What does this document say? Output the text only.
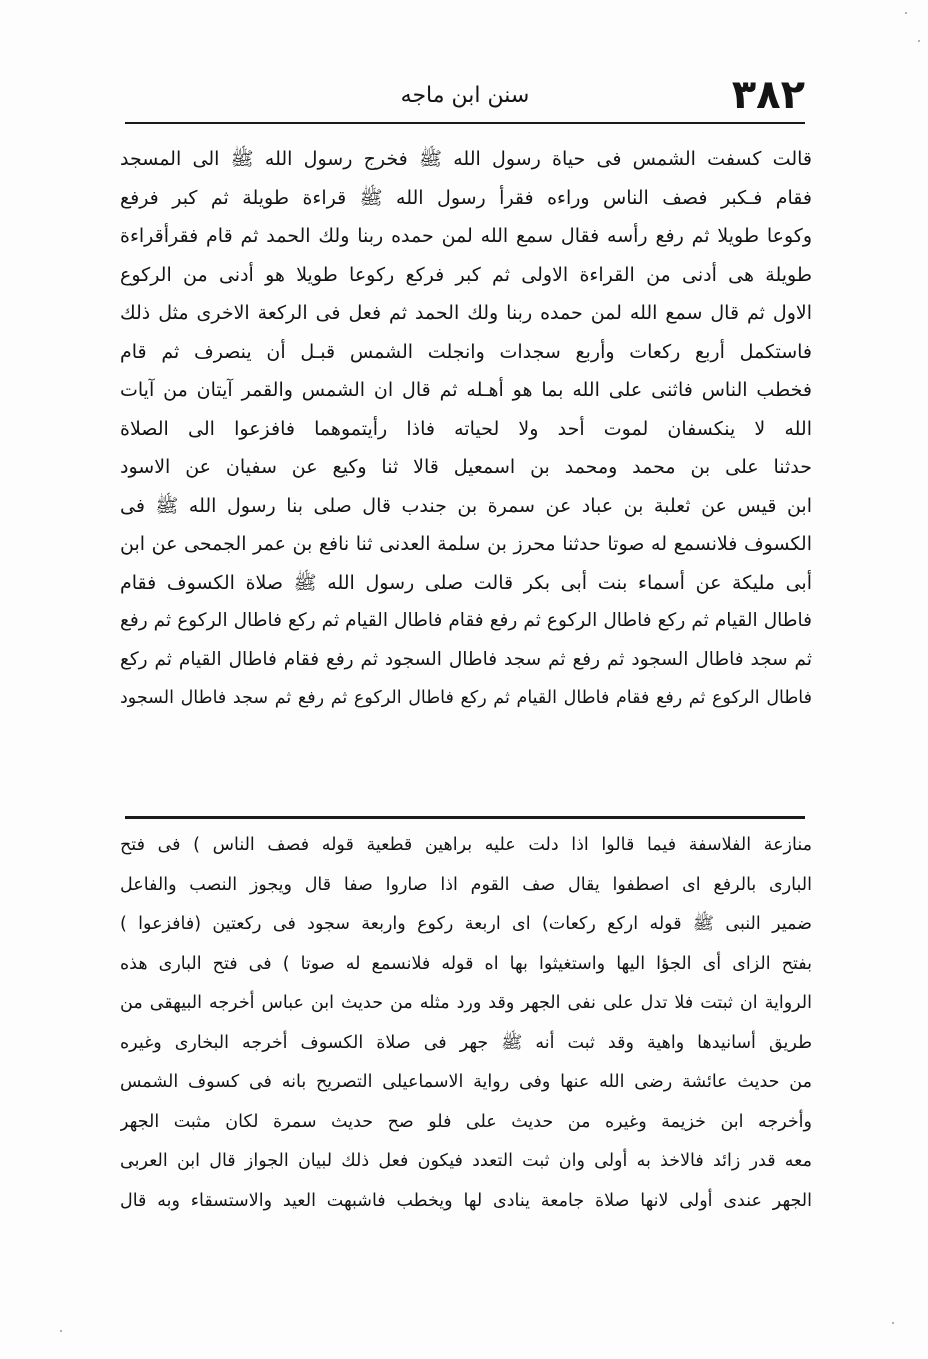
٣٨٢
سنن ابن ماجه
قالت كسفت الشمس فى حياة رسول الله ﷺ فخرج رسول الله ﷺ الى المسجد
فقام فـكبر فصف الناس وراءه فقرأ رسول الله ﷺ قراءة طويلة ثم كبر فرفع
وكوعا طويلا ثم رفع رأسه فقال سمع الله لمن حمده ربنا ولك الحمد ثم قام فقرأقراءة
طويلة هى أدنى من القراءة الاولى ثم كبر فركع ركوعا طويلا هو أدنى من الركوع
الاول ثم قال سمع الله لمن حمده ربنا ولك الحمد ثم فعل فى الركعة الاخرى مثل ذلك
فاستكمل أربع ركعات وأربع سجدات وانجلت الشمس قبـل أن ينصرف ثم قام
فخطب الناس فاثنى على الله بما هو أهـله ثم قال ان الشمس والقمر آيتان من آيات
الله لا ينكسفان لموت أحد ولا لحياته فاذا رأيتموهما فافزعوا الى الصلاة
حدثنا على بن محمد ومحمد بن اسمعيل قالا ثنا وكيع عن سفيان عن الاسود
ابن قيس عن ثعلبة بن عباد عن سمرة بن جندب قال صلى بنا رسول الله ﷺ فى
الكسوف فلانسمع له صوتا حدثنا محرز بن سلمة العدنى ثنا نافع بن عمر الجمحى عن ابن
أبى مليكة عن أسماء بنت أبى بكر قالت صلى رسول الله ﷺ صلاة الكسوف فقام
فاطال القيام ثم ركع فاطال الركوع ثم رفع فقام فاطال القيام ثم ركع فاطال الركوع ثم رفع
ثم سجد فاطال السجود ثم رفع ثم سجد فاطال السجود ثم رفع فقام فاطال القيام ثم ركع
فاطال الركوع ثم رفع فقام فاطال القيام ثم ركع فاطال الركوع ثم رفع ثم سجد فاطال السجود
منازعة الفلاسفة فيما قالوا اذا دلت عليه براهين قطعية قوله فصف الناس ) فى فتح
البارى بالرفع اى اصطفوا يقال صف القوم اذا صاروا صفا قال ويجوز النصب والفاعل
ضمير النبى ﷺ قوله اركع ركعات) اى اربعة ركوع واربعة سجود فى ركعتين (فافزعوا )
بفتح الزاى أى الجؤا اليها واستغيثوا بها اه قوله فلانسمع له صوتا ) فى فتح البارى هذه
الرواية ان ثبتت فلا تدل على نفى الجهر وقد ورد مثله من حديث ابن عباس أخرجه البيهقى من
طريق أسانيدها واهية وقد ثبت أنه ﷺ جهر فى صلاة الكسوف أخرجه البخارى وغيره
من حديث عائشة رضى الله عنها وفى رواية الاسماعيلى التصريح بانه فى كسوف الشمس
وأخرجه ابن خزيمة وغيره من حديث على فلو صح حديث سمرة لكان مثبت الجهر
معه قدر زائد فالاخذ به أولى وان ثبت التعدد فيكون فعل ذلك لبيان الجواز قال ابن العربى
الجهر عندى أولى لانها صلاة جامعة ينادى لها ويخطب فاشبهت العيد والاستسقاء وبه قال
